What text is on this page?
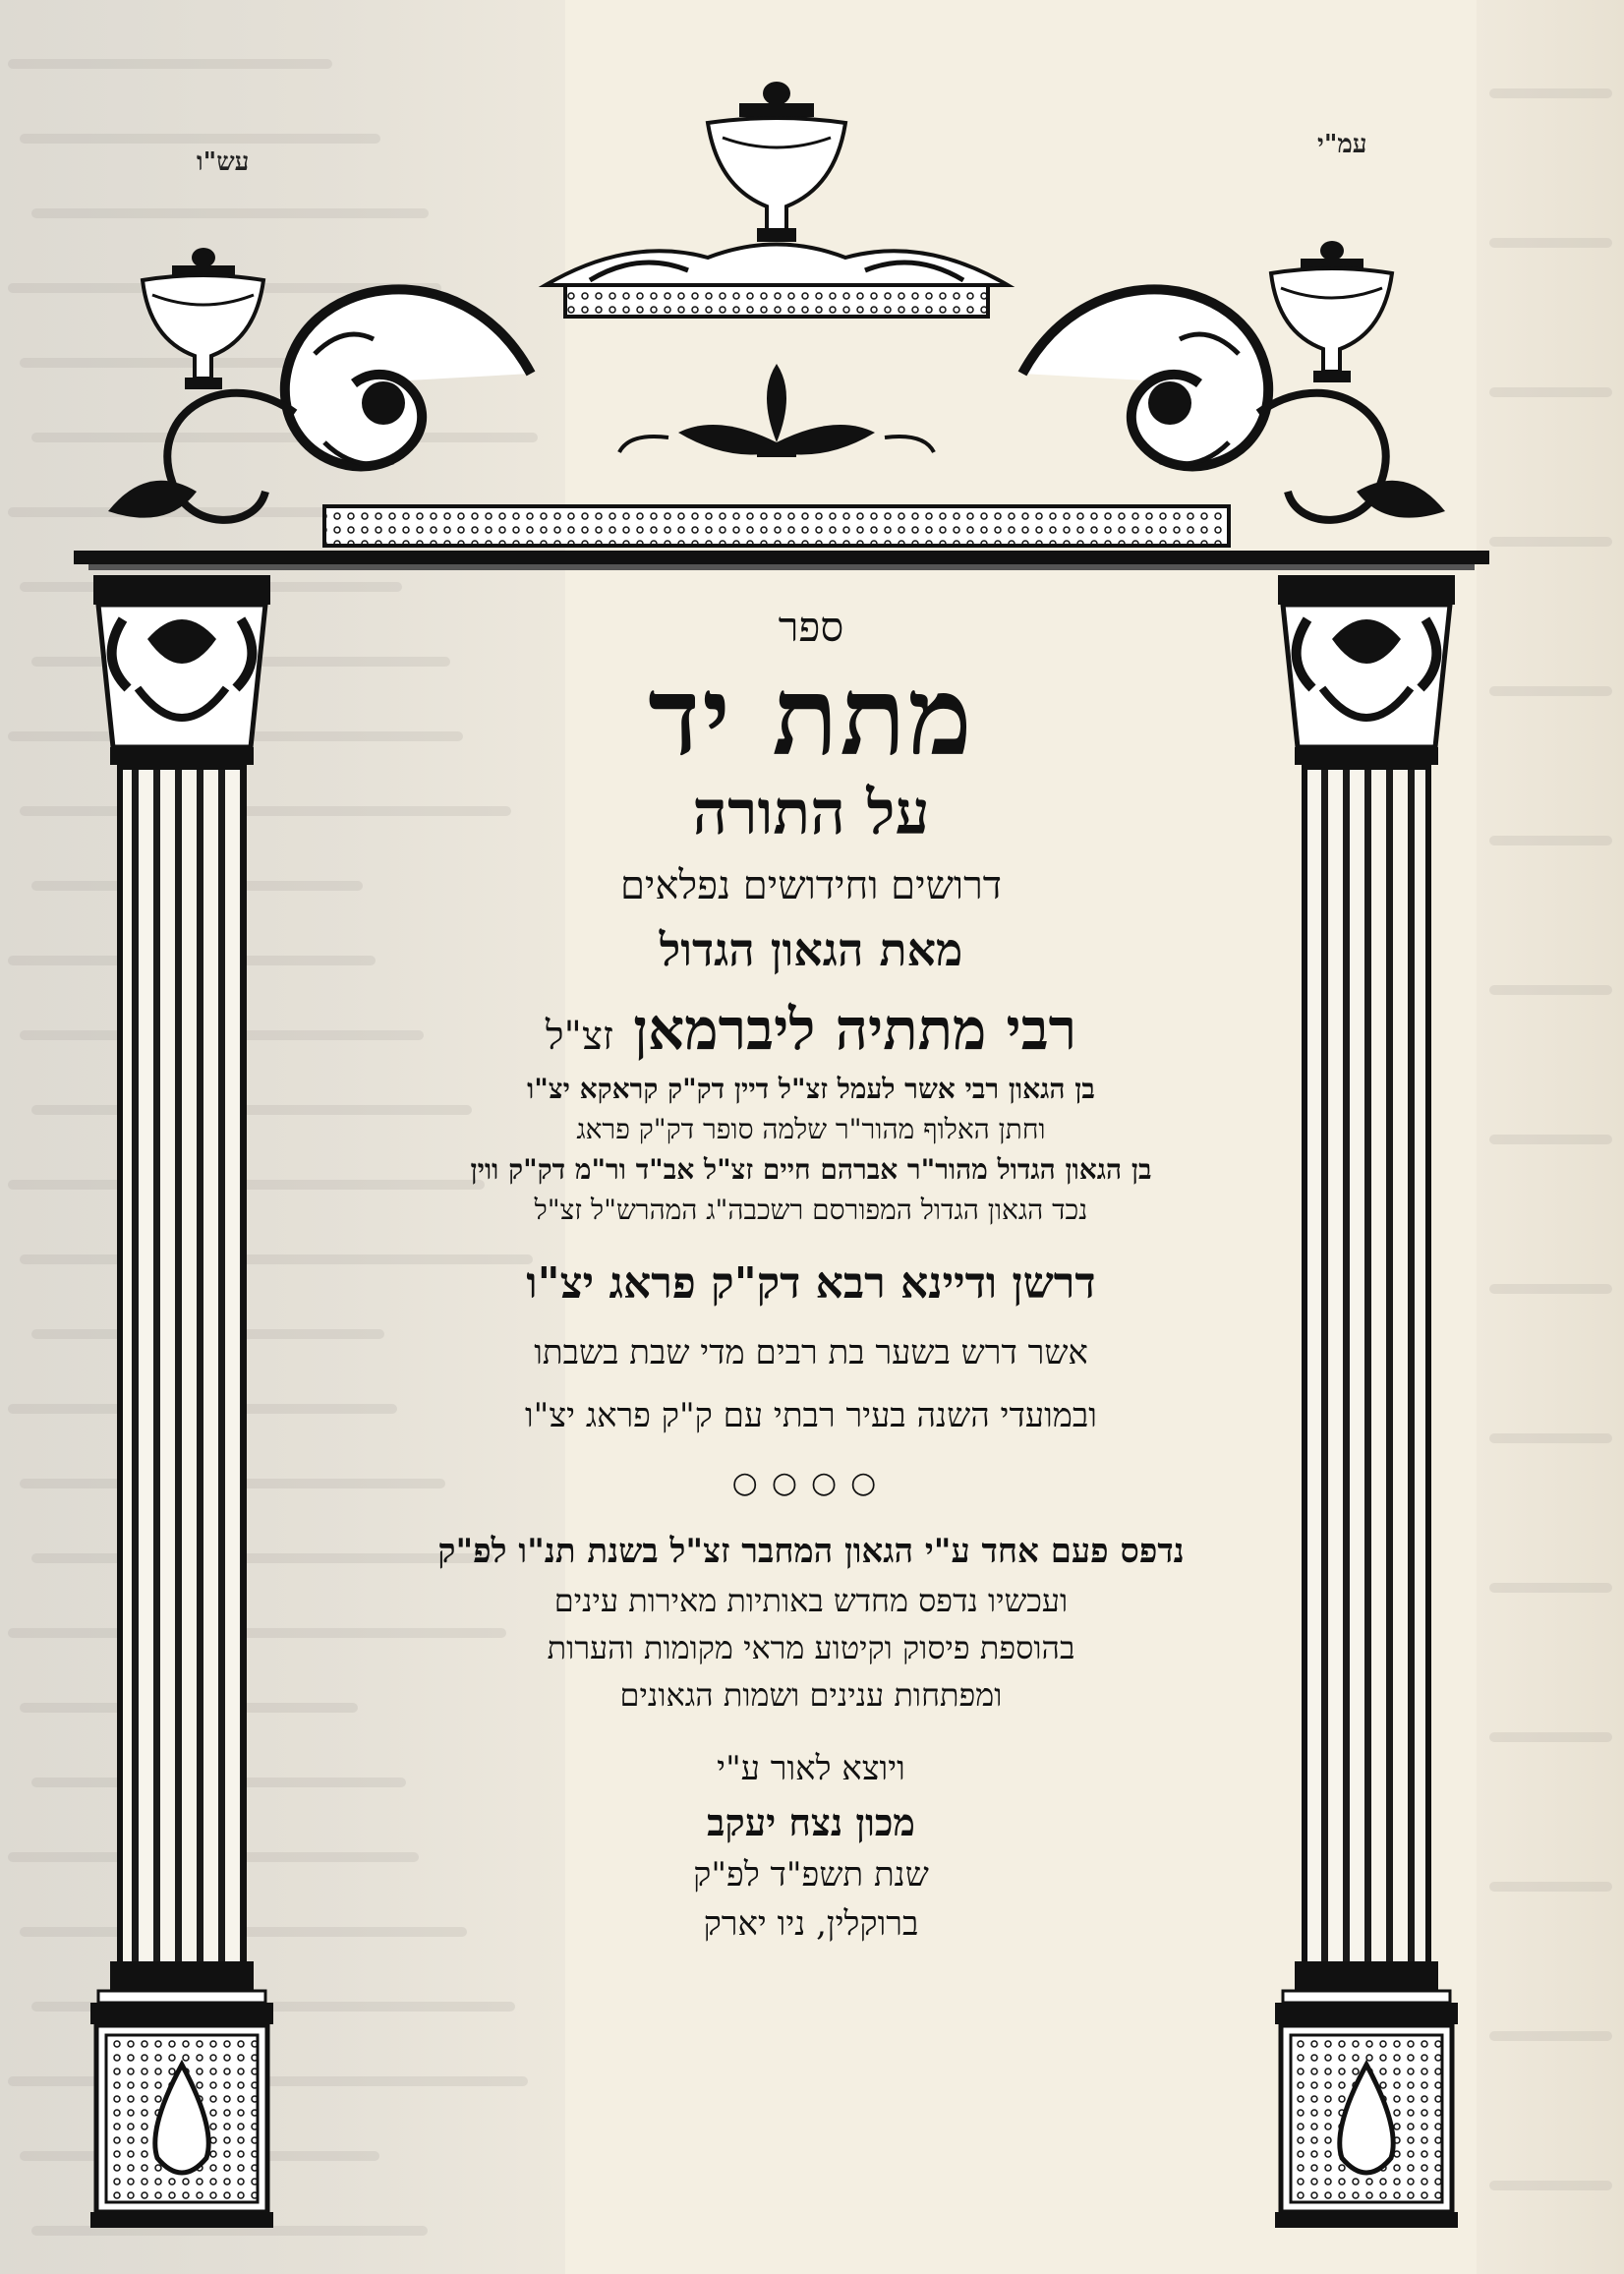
עש"ו
עמ"י

ספר

מתת יד

על התורה

דרושים וחידושים נפלאים

מאת הגאון הגדול

רבי מתתיה ליברמאן זצ"ל

בן הגאון רבי אשר לעמל זצ"ל דיין דק"ק קראקא יצ"ו

וחתן האלוף מהור"ר שלמה סופר דק"ק פראג

בן הגאון הגדול מהור"ר אברהם חיים זצ"ל אב"ד ור"מ דק"ק ווין

נכד הגאון הגדול המפורסם רשכבה"ג המהרש"ל זצ"ל

דרשן ודיינא רבא דק"ק פראג יצ"ו

אשר דרש בשער בת רבים מדי שבת בשבתו

ובמועדי השנה בעיר רבתי עם ק"ק פראג יצ"ו

○○○○

נדפס פעם אחד ע"י הגאון המחבר זצ"ל בשנת תנ"ו לפ"ק

ועכשיו נדפס מחדש באותיות מאירות עינים

בהוספת פיסוק וקיטוע מראי מקומות והערות

ומפתחות ענינים ושמות הגאונים

ויוצא לאור ע"י

מכון נצח יעקב

שנת תשפ"ד לפ"ק

ברוקלין, ניו יארק
